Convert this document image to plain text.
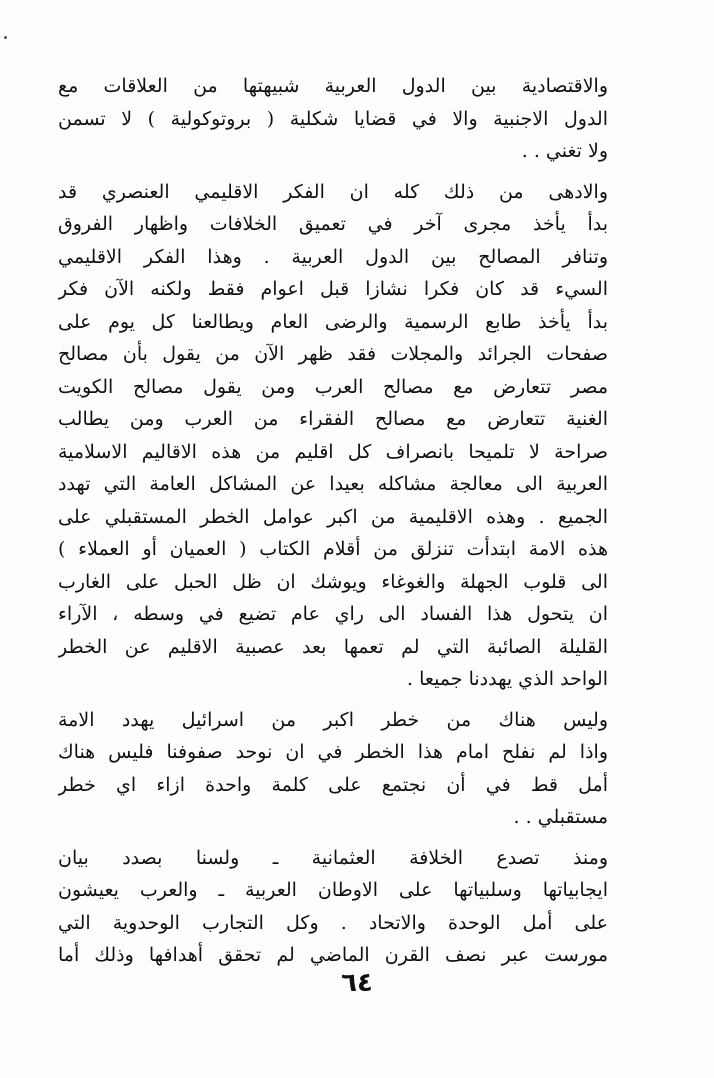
والاقتصادية بين الدول العربية شبيهتها من العلاقات مع
الدول الاجنبية والا في قضايا شكلية ( بروتوكولية ) لا تسمن
ولا تغني . .
والادهى من ذلك كله ان الفكر الاقليمي العنصري قد
بدأ يأخذ مجرى آخر في تعميق الخلافات واظهار الفروق
وتنافر المصالح بين الدول العربية . وهذا الفكر الاقليمي
السيء قد كان فكرا نشازا قبل اعوام فقط ولكنه الآن فكر
بدأ يأخذ طابع الرسمية والرضى العام ويطالعنا كل يوم على
صفحات الجرائد والمجلات فقد ظهر الآن من يقول بأن مصالح
مصر تتعارض مع مصالح العرب ومن يقول مصالح الكويت
الغنية تتعارض مع مصالح الفقراء من العرب ومن يطالب
صراحة لا تلميحا بانصراف كل اقليم من هذه الاقاليم الاسلامية
العربية الى معالجة مشاكله بعيدا عن المشاكل العامة التي تهدد
الجميع . وهذه الاقليمية من اكبر عوامل الخطر المستقبلي على
هذه الامة ابتدأت تنزلق من أقلام الكتاب ( العميان أو العملاء )
الى قلوب الجهلة والغوغاء ويوشك ان ظل الحبل على الغارب
ان يتحول هذا الفساد الى راي عام تضيع في وسطه ، الآراء
القليلة الصائبة التي لم تعمها بعد عصبية الاقليم عن الخطر
الواحد الذي يهددنا جميعا .
وليس هناك من خطر اكبر من اسرائيل يهدد الامة
واذا لم نفلح امام هذا الخطر في ان نوحد صفوفنا فليس هناك
أمل قط في أن نجتمع على كلمة واحدة ازاء اي خطر
مستقبلي . .
ومنذ تصدع الخلافة العثمانية ـ ولسنا بصدد بيان
ايجابياتها وسلبياتها على الاوطان العربية ـ والعرب يعيشون
على أمل الوحدة والاتحاد . وكل التجارب الوحدوية التي
مورست عبر نصف القرن الماضي لم تحقق أهدافها وذلك أما
٦٤
